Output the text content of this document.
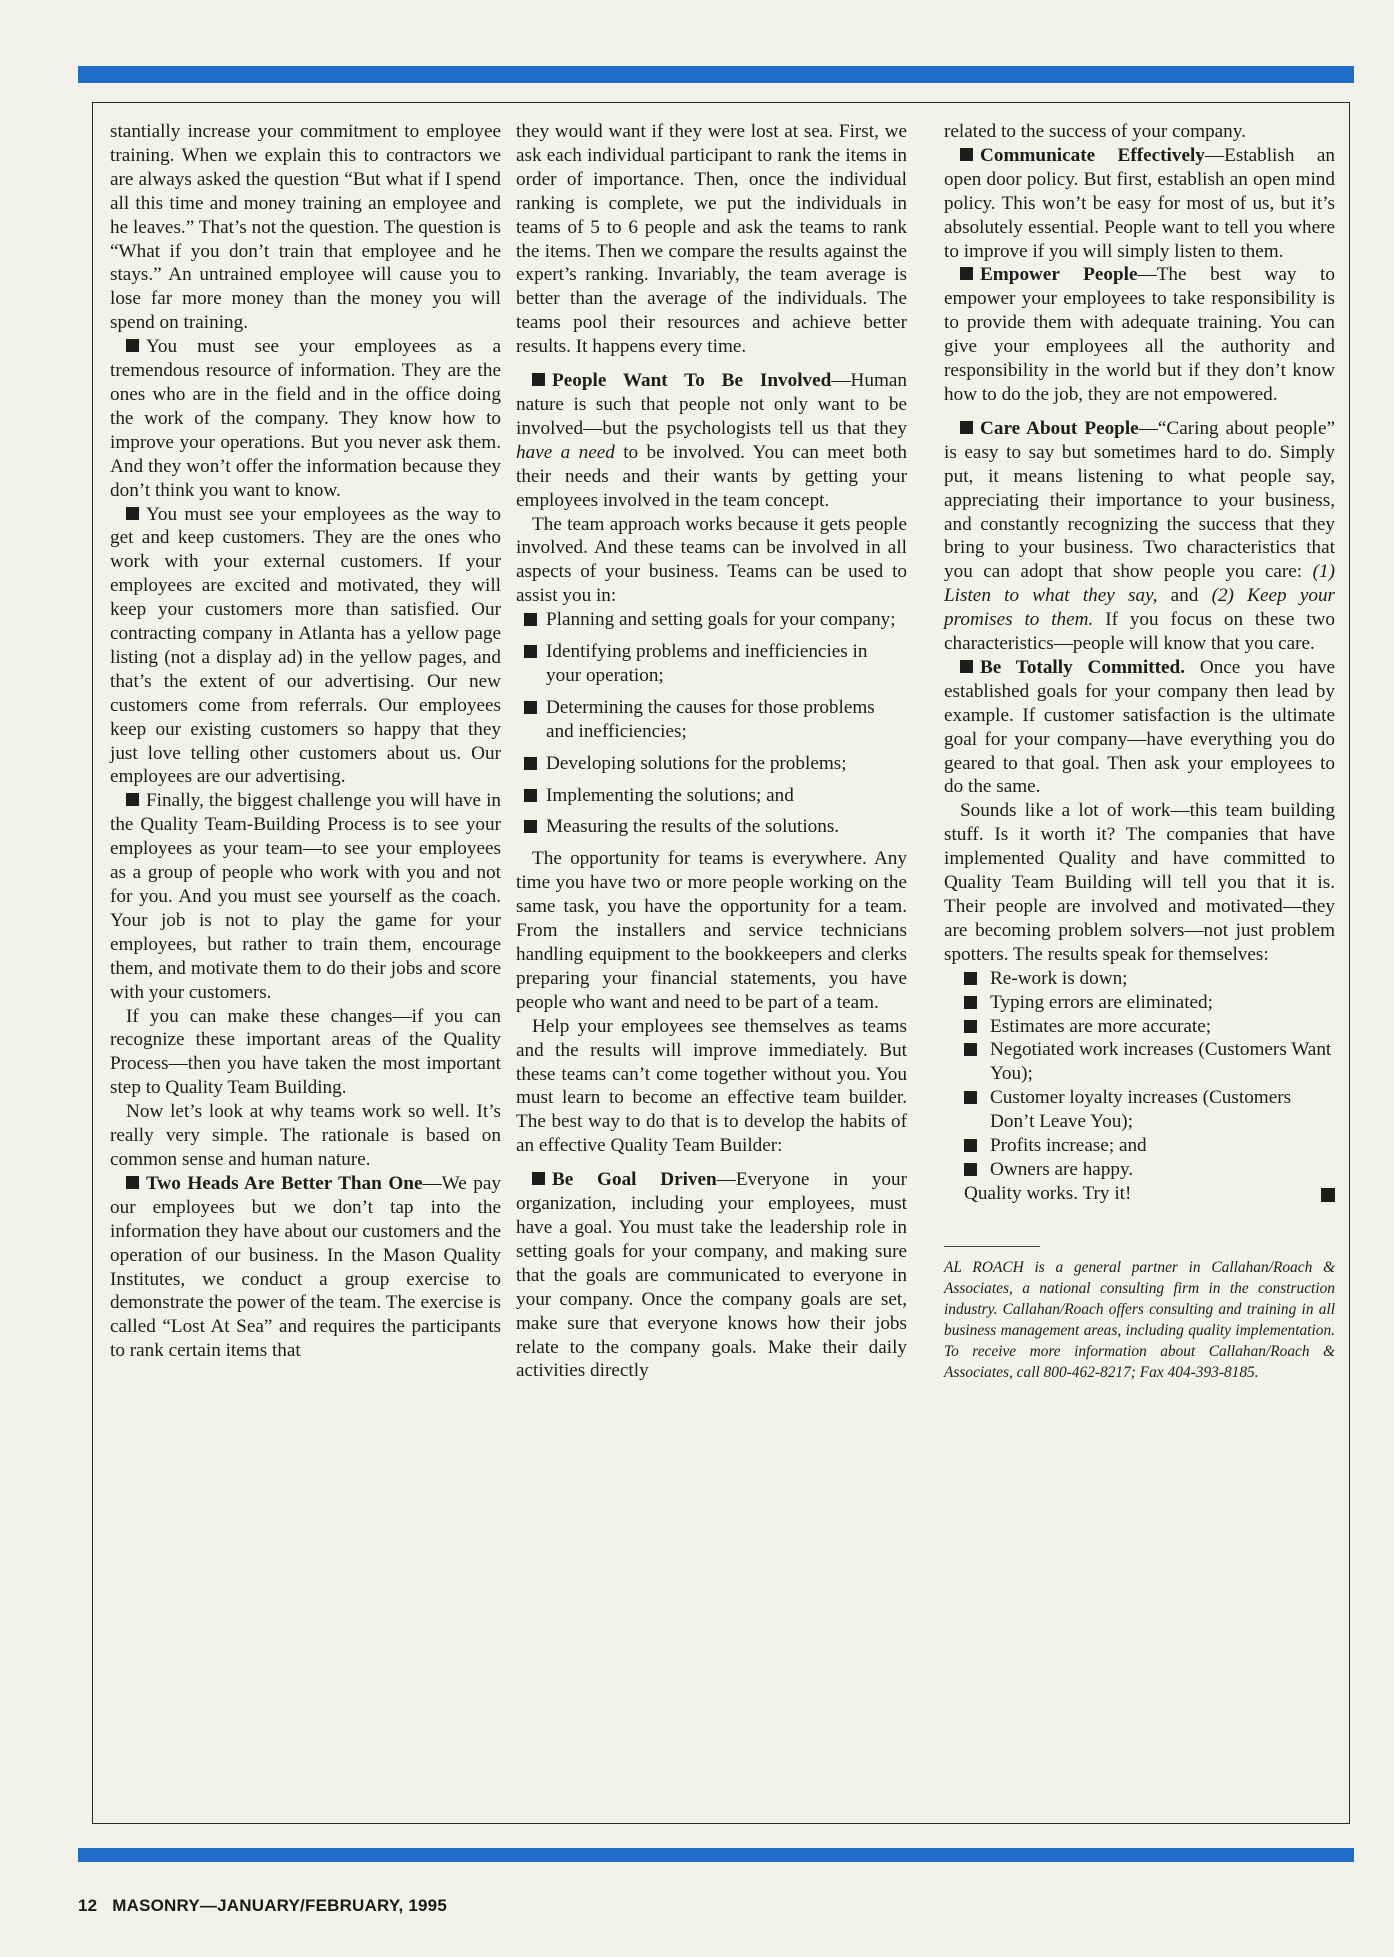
stantially increase your commitment to employee training. When we explain this to contractors we are always asked the question “But what if I spend all this time and money training an employee and he leaves.” That’s not the question. The question is “What if you don’t train that employee and he stays.” An untrained employee will cause you to lose far more money than the money you will spend on training.

You must see your employees as a tremendous resource of information. They are the ones who are in the field and in the office doing the work of the company. They know how to improve your operations. But you never ask them. And they won’t offer the information because they don’t think you want to know.

You must see your employees as the way to get and keep customers. They are the ones who work with your external customers. If your employees are excited and motivated, they will keep your customers more than satisfied. Our contracting company in Atlanta has a yellow page listing (not a display ad) in the yellow pages, and that’s the extent of our advertising. Our new customers come from referrals. Our employees keep our existing customers so happy that they just love telling other customers about us. Our employees are our advertising.

Finally, the biggest challenge you will have in the Quality Team-Building Process is to see your employees as your team—to see your employees as a group of people who work with you and not for you. And you must see yourself as the coach. Your job is not to play the game for your employees, but rather to train them, encourage them, and motivate them to do their jobs and score with your customers.

If you can make these changes—if you can recognize these important areas of the Quality Process—then you have taken the most important step to Quality Team Building.

Now let’s look at why teams work so well. It’s really very simple. The rationale is based on common sense and human nature.

Two Heads Are Better Than One—We pay our employees but we don’t tap into the information they have about our customers and the operation of our business. In the Mason Quality Institutes, we conduct a group exercise to demonstrate the power of the team. The exercise is called “Lost At Sea” and requires the participants to rank certain items that

they would want if they were lost at sea. First, we ask each individual participant to rank the items in order of importance. Then, once the individual ranking is complete, we put the individuals in teams of 5 to 6 people and ask the teams to rank the items. Then we compare the results against the expert’s ranking. Invariably, the team average is better than the average of the individuals. The teams pool their resources and achieve better results. It happens every time.

People Want To Be Involved—Human nature is such that people not only want to be involved—but the psychologists tell us that they have a need to be involved. You can meet both their needs and their wants by getting your employees involved in the team concept.

The team approach works because it gets people involved. And these teams can be involved in all aspects of your business. Teams can be used to assist you in:

Planning and setting goals for your company;
Identifying problems and inefficiencies in your operation;
Determining the causes for those problems and inefficiencies;
Developing solutions for the problems;
Implementing the solutions; and
Measuring the results of the solutions.

The opportunity for teams is everywhere. Any time you have two or more people working on the same task, you have the opportunity for a team. From the installers and service technicians handling equipment to the bookkeepers and clerks preparing your financial statements, you have people who want and need to be part of a team.

Help your employees see themselves as teams and the results will improve immediately. But these teams can’t come together without you. You must learn to become an effective team builder. The best way to do that is to develop the habits of an effective Quality Team Builder:

Be Goal Driven—Everyone in your organization, including your employees, must have a goal. You must take the leadership role in setting goals for your company, and making sure that the goals are communicated to everyone in your company. Once the company goals are set, make sure that everyone knows how their jobs relate to the company goals. Make their daily activities directly

related to the success of your company.

Communicate Effectively—Establish an open door policy. But first, establish an open mind policy. This won’t be easy for most of us, but it’s absolutely essential. People want to tell you where to improve if you will simply listen to them.

Empower People—The best way to empower your employees to take responsibility is to provide them with adequate training. You can give your employees all the authority and responsibility in the world but if they don’t know how to do the job, they are not empowered.

Care About People—“Caring about people” is easy to say but sometimes hard to do. Simply put, it means listening to what people say, appreciating their importance to your business, and constantly recognizing the success that they bring to your business. Two characteristics that you can adopt that show people you care: (1) Listen to what they say, and (2) Keep your promises to them. If you focus on these two characteristics—people will know that you care.

Be Totally Committed. Once you have established goals for your company then lead by example. If customer satisfaction is the ultimate goal for your company—have everything you do geared to that goal. Then ask your employees to do the same.

Sounds like a lot of work—this team building stuff. Is it worth it? The companies that have implemented Quality and have committed to Quality Team Building will tell you that it is. Their people are involved and motivated—they are becoming problem solvers—not just problem spotters. The results speak for themselves:

Re-work is down;
Typing errors are eliminated;
Estimates are more accurate;
Negotiated work increases (Customers Want You);
Customer loyalty increases (Customers Don’t Leave You);
Profits increase; and
Owners are happy.

Quality works. Try it!

AL ROACH is a general partner in Callahan/Roach & Associates, a national consulting firm in the construction industry. Callahan/Roach offers consulting and training in all business management areas, including quality implementation. To receive more information about Callahan/Roach & Associates, call 800-462-8217; Fax 404-393-8185.
12 MASONRY—JANUARY/FEBRUARY, 1995
